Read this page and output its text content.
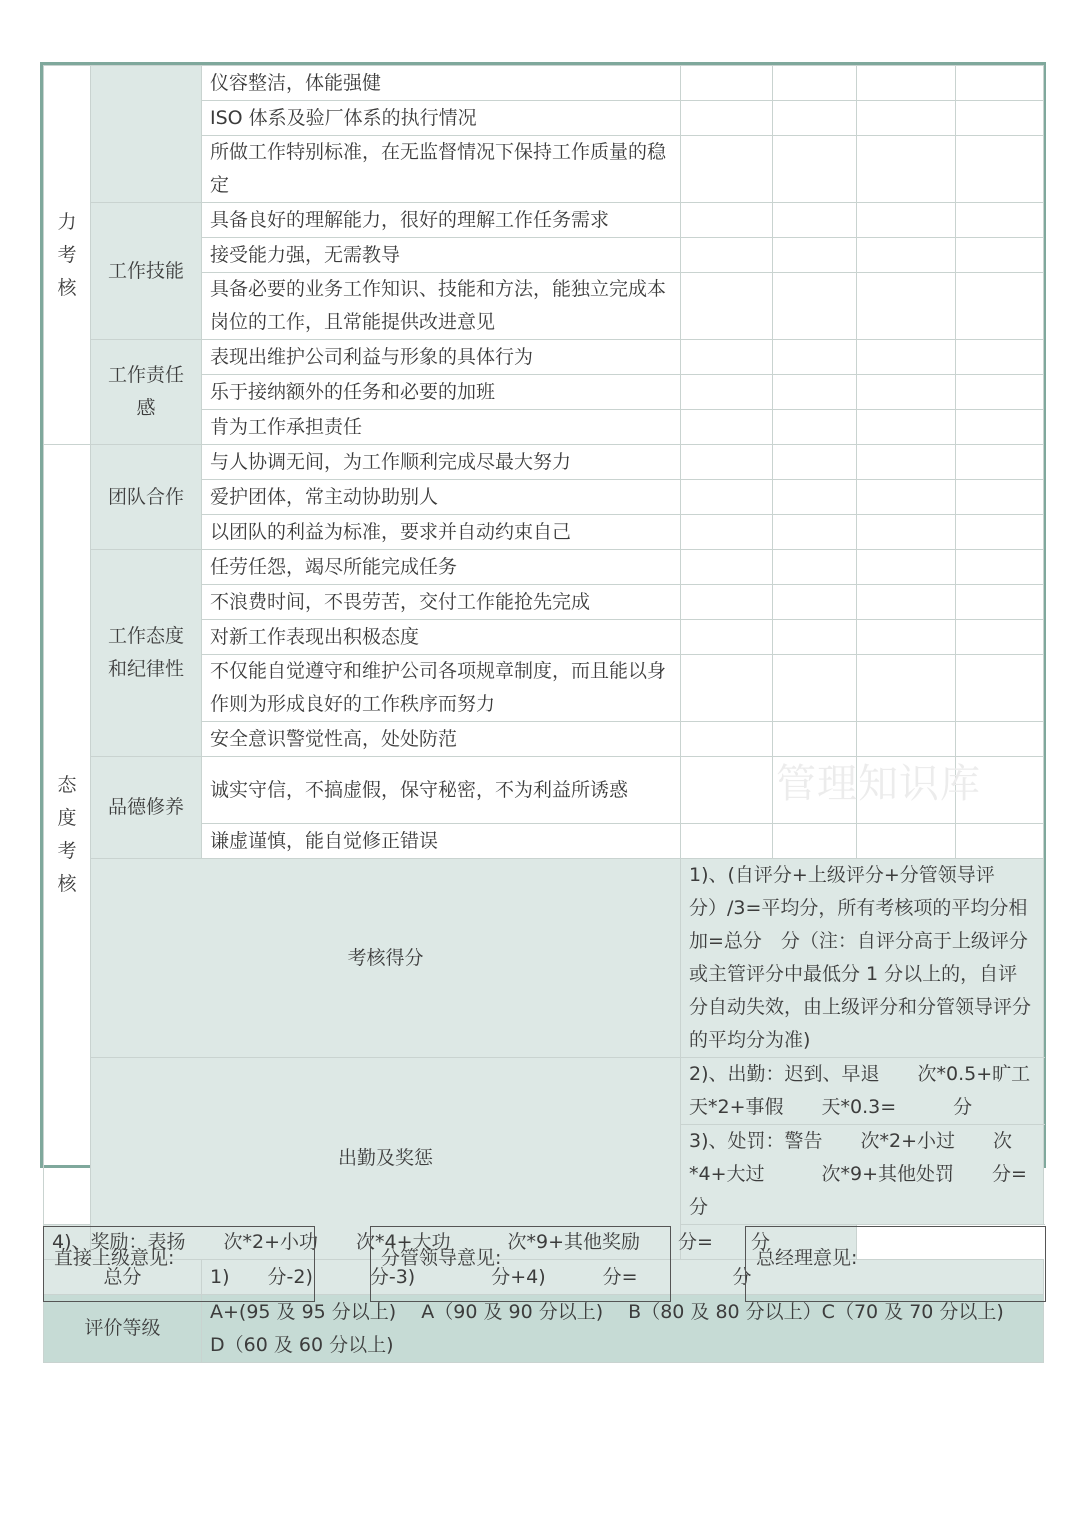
力
考
核		仪容整洁，体能强健				
		ISO 体系及验厂体系的执行情况				
		所做工作特别标准，在无监督情况下保持工作质量的稳定				
	工作技能	具备良好的理解能力，很好的理解工作任务需求				
		接受能力强，无需教导				
		具备必要的业务工作知识、技能和方法，能独立完成本岗位的工作，且常能提供改进意见				
	工作责任感	表现出维护公司利益与形象的具体行为				
		乐于接纳额外的任务和必要的加班				
		肯为工作承担责任				

态
度
考
核	团队合作	与人协调无间，为工作顺利完成尽最大努力				
		爱护团体，常主动协助别人				
		以团队的利益为标准，要求并自动约束自己				
	工作态度和纪律性	任劳任怨，竭尽所能完成任务				
		不浪费时间，不畏劳苦，交付工作能抢先完成				
		对新工作表现出积极态度				
		不仅能自觉遵守和维护公司各项规章制度，而且能以身作则为形成良好的工作秩序而努力				
		安全意识警觉性高，处处防范				
	品德修养	诚实守信，不搞虚假，保守秘密，不为利益所诱惑				
		谦虚谨慎，能自觉修正错误				
	考核得分		1)、(自评分+上级评分+分管领导评分）/3=平均分，所有考核项的平均分相加=总分　分（注：自评分高于上级评分或主管评分中最低分 1 分以上的，自评分自动失效，由上级评分和分管领导评分的平均分为准)			
	出勤及奖惩		2)、出勤：迟到、早退　　次*0.5+旷工　　天*2+事假　　天*0.3=　　　分			
			3)、处罚：警告　　次*2+小过　　次*4+大过　　　次*9+其他处罚　　分=　　分			
4)、奖励：表扬　　次*2+小功　　次*4+大功　　　次*9+其他奖励　　分=　　分						
总分		1)　　分-2)　　　分-3)　　　　分+4)　　　分=　　　　　分				
评价等级		A+(95 及 95 分以上)　 A（90 及 90 分以上)　 B（80 及 80 分以上）C（70 及 70 分以上)　　D（60 及 60 分以上)				
管理知识库
直接上级意见:	分管领导意见:	总经理意见:
